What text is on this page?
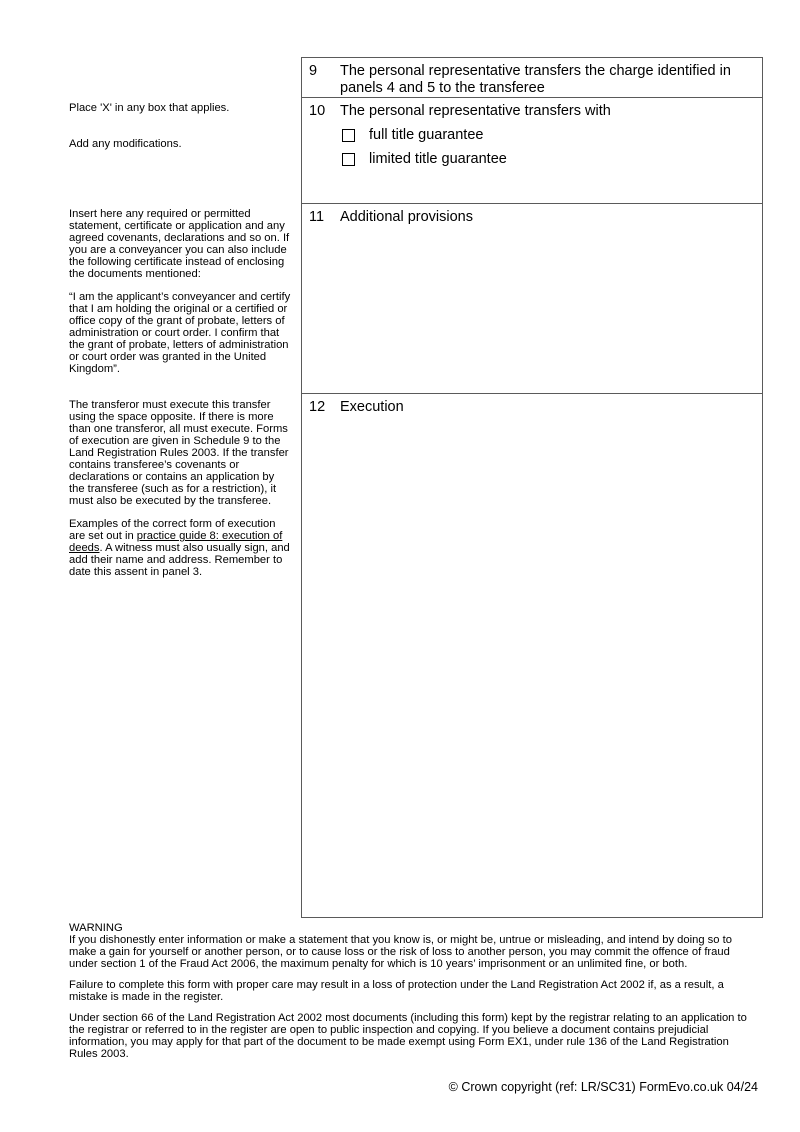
Place 'X' in any box that applies.

Add any modifications.

Insert here any required or permitted statement, certificate or application and any agreed covenants, declarations and so on. If you are a conveyancer you can also include the following certificate instead of enclosing the documents mentioned:

“I am the applicant’s conveyancer and certify that I am holding the original or a certified or office copy of the grant of probate, letters of administration or court order. I confirm that the grant of probate, letters of administration or court order was granted in the United Kingdom”.

The transferor must execute this transfer using the space opposite. If there is more than one transferor, all must execute. Forms of execution are given in Schedule 9 to the Land Registration Rules 2003. If the transfer contains transferee’s covenants or declarations or contains an application by the transferee (such as for a restriction), it must also be executed by the transferee.

Examples of the correct form of execution are set out in practice guide 8: execution of deeds. A witness must also usually sign, and add their name and address. Remember to date this assent in panel 3.

9 The personal representative transfers the charge identified in panels 4 and 5 to the transferee
10 The personal representative transfers with
full title guarantee
limited title guarantee
11 Additional provisions
12 Execution

WARNING

If you dishonestly enter information or make a statement that you know is, or might be, untrue or misleading, and intend by doing so to make a gain for yourself or another person, or to cause loss or the risk of loss to another person, you may commit the offence of fraud under section 1 of the Fraud Act 2006, the maximum penalty for which is 10 years’ imprisonment or an unlimited fine, or both.

Failure to complete this form with proper care may result in a loss of protection under the Land Registration Act 2002 if, as a result, a mistake is made in the register.

Under section 66 of the Land Registration Act 2002 most documents (including this form) kept by the registrar relating to an application to the registrar or referred to in the register are open to public inspection and copying. If you believe a document contains prejudicial information, you may apply for that part of the document to be made exempt using Form EX1, under rule 136 of the Land Registration Rules 2003.

© Crown copyright (ref: LR/SC31) FormEvo.co.uk 04/24
